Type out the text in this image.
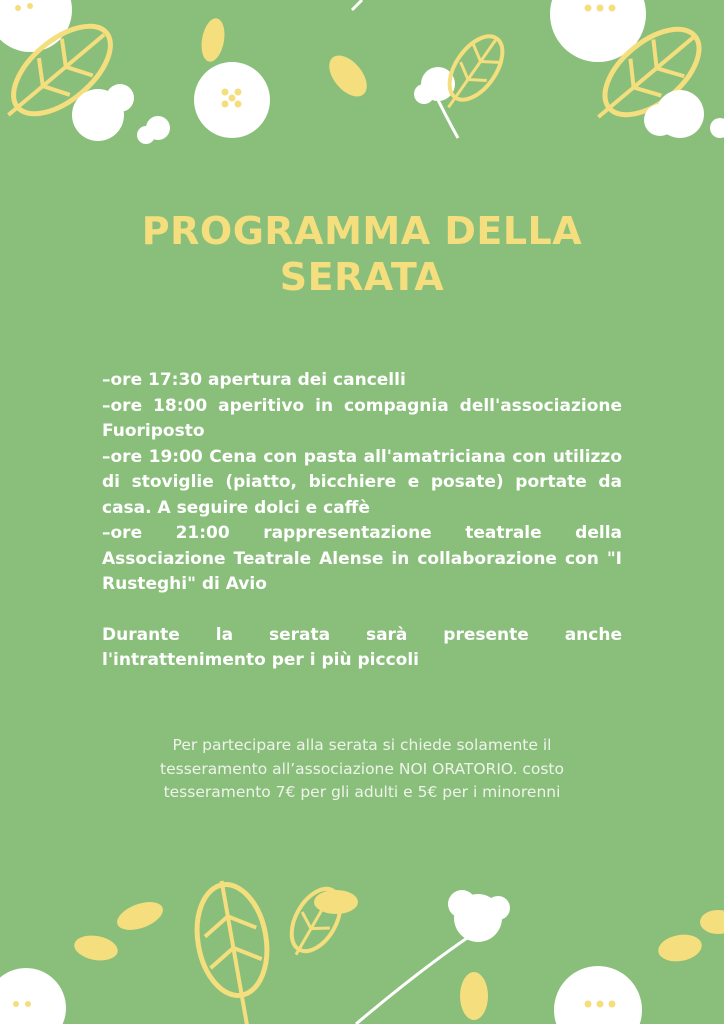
PROGRAMMA DELLA SERATA

–ore 17:30 apertura dei cancelli

–ore 18:00 aperitivo in compagnia dell'associazione Fuoriposto

–ore 19:00 Cena con pasta all'amatriciana con utilizzo di stoviglie (piatto, bicchiere e posate) portate da casa. A seguire dolci e caffè

–ore 21:00 rappresentazione teatrale della Associazione Teatrale Alense in collaborazione con "I Rusteghi" di Avio

Durante la serata sarà presente anche l'intrattenimento per i più piccoli

Per partecipare alla serata si chiede solamente il tesseramento all’associazione NOI ORATORIO. costo tesseramento 7€ per gli adulti e 5€ per i minorenni
